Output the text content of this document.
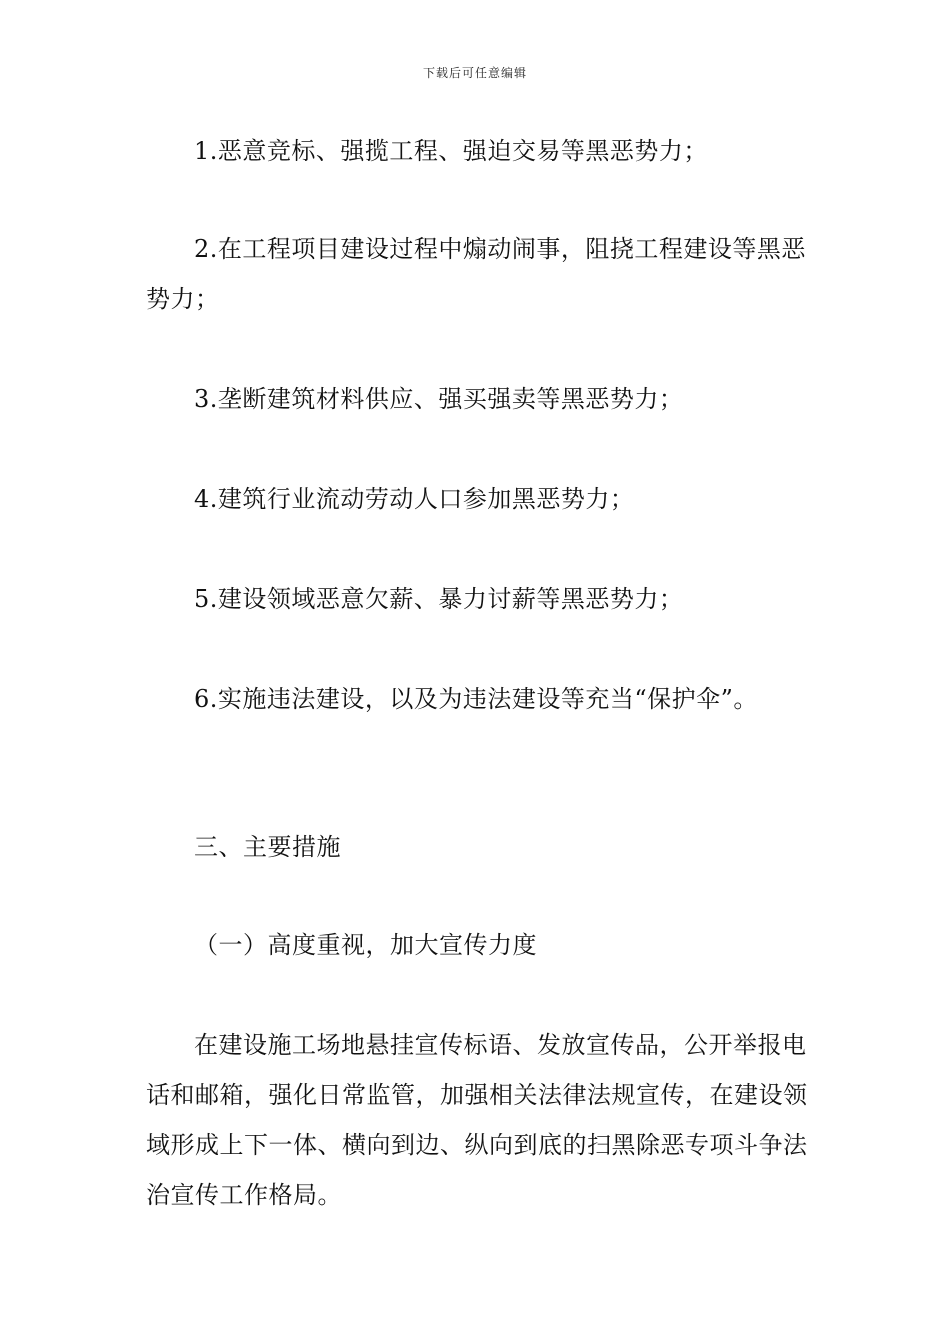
下载后可任意编辑
1.恶意竞标、强揽工程、强迫交易等黑恶势力；
2.在工程项目建设过程中煽动闹事，阻挠工程建设等黑恶势力；
3.垄断建筑材料供应、强买强卖等黑恶势力；
4.建筑行业流动劳动人口参加黑恶势力；
5.建设领域恶意欠薪、暴力讨薪等黑恶势力；
6.实施违法建设，以及为违法建设等充当“保护伞”。
三、主要措施
（一）高度重视，加大宣传力度
在建设施工场地悬挂宣传标语、发放宣传品，公开举报电话和邮箱，强化日常监管，加强相关法律法规宣传，在建设领域形成上下一体、横向到边、纵向到底的扫黑除恶专项斗争法治宣传工作格局。
